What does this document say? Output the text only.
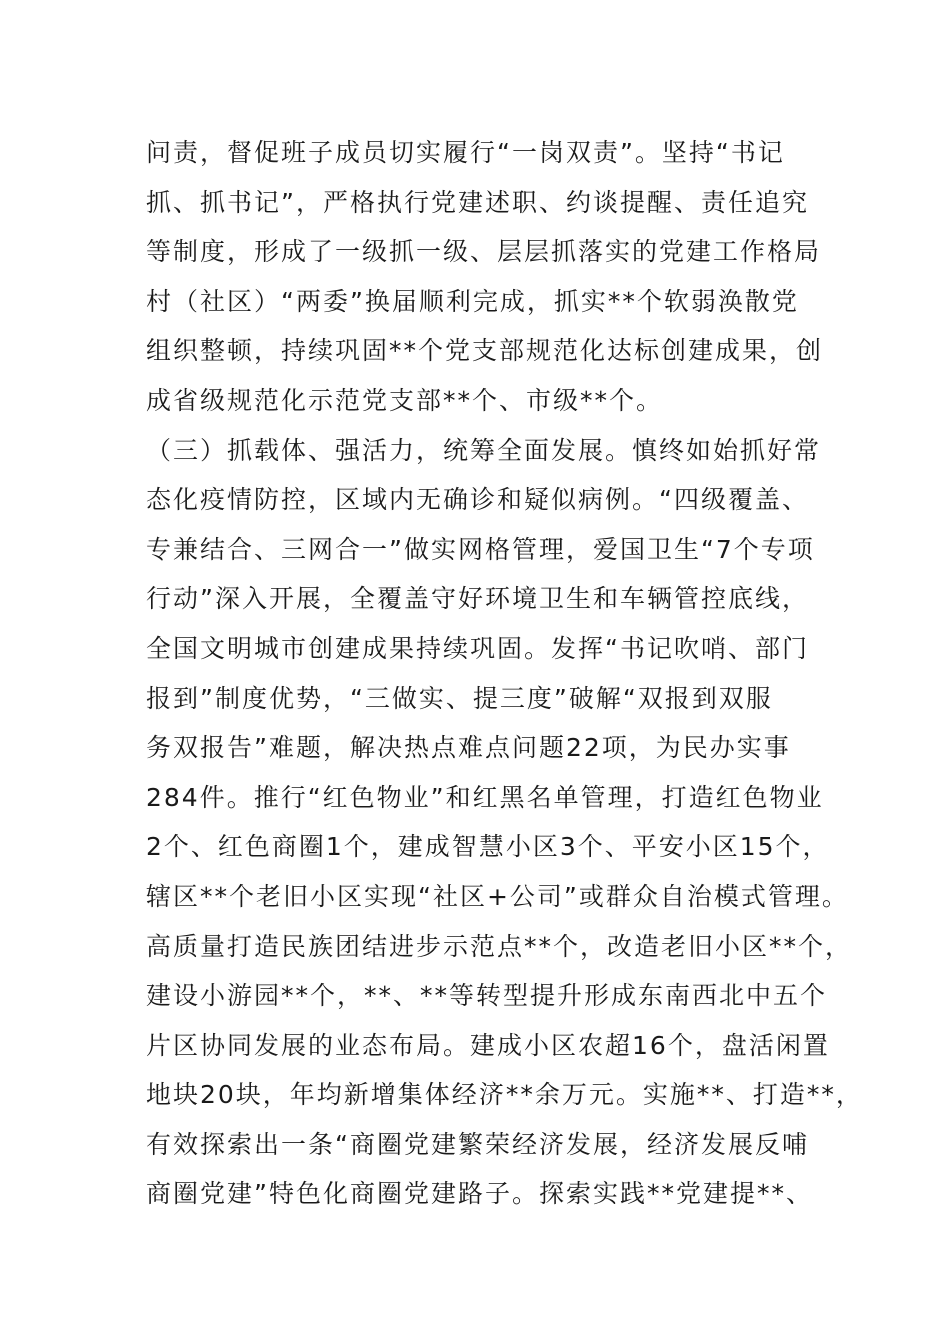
问责，督促班子成员切实履行“一岗双责”。坚持“书记
抓、抓书记”，严格执行党建述职、约谈提醒、责任追究
等制度，形成了一级抓一级、层层抓落实的党建工作格局
村（社区）“两委”换届顺利完成，抓实**个软弱涣散党
组织整顿，持续巩固**个党支部规范化达标创建成果，创
成省级规范化示范党支部**个、市级**个。
（三）抓载体、强活力，统筹全面发展。慎终如始抓好常
态化疫情防控，区域内无确诊和疑似病例。“四级覆盖、
专兼结合、三网合一”做实网格管理，爱国卫生“7个专项
行动”深入开展，全覆盖守好环境卫生和车辆管控底线，
全国文明城市创建成果持续巩固。发挥“书记吹哨、部门
报到”制度优势，“三做实、提三度”破解“双报到双服
务双报告”难题，解决热点难点问题22项，为民办实事
284件。推行“红色物业”和红黑名单管理，打造红色物业
2个、红色商圈1个，建成智慧小区3个、平安小区15个，
辖区**个老旧小区实现“社区+公司”或群众自治模式管理。
高质量打造民族团结进步示范点**个，改造老旧小区**个，
建设小游园**个，**、**等转型提升形成东南西北中五个
片区协同发展的业态布局。建成小区农超16个，盘活闲置
地块20块，年均新增集体经济**余万元。实施**、打造**，
有效探索出一条“商圈党建繁荣经济发展，经济发展反哺
商圈党建”特色化商圈党建路子。探索实践**党建提**、
